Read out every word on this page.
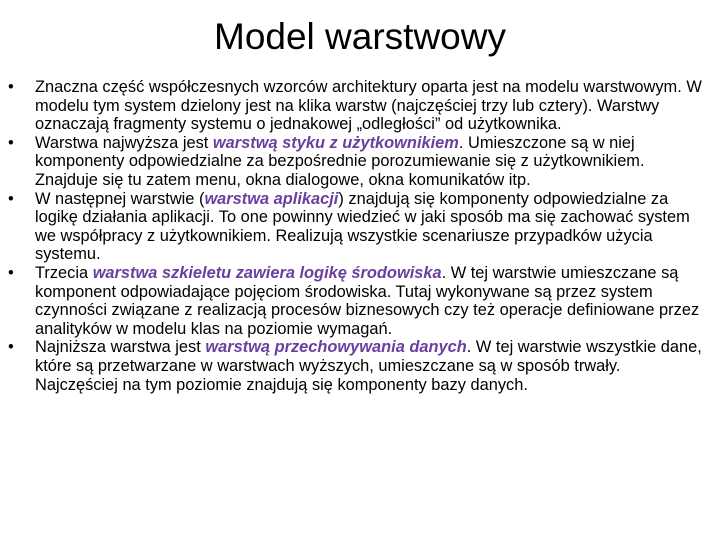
Model warstwowy
• Znaczna część współczesnych wzorców architektury oparta jest na modelu warstwowym. W modelu tym system dzielony jest na klika warstw (najczęściej trzy lub cztery). Warstwy oznaczają fragmenty systemu o jednakowej „odległości” od użytkownika.
• Warstwa najwyższa jest warstwą styku z użytkownikiem. Umieszczone są w niej komponenty odpowiedzialne za bezpośrednie porozumiewanie się z użytkownikiem. Znajduje się tu zatem menu, okna dialogowe, okna komunikatów itp.
• W następnej warstwie (warstwa aplikacji) znajdują się komponenty odpowiedzialne za logikę działania aplikacji. To one powinny wiedzieć w jaki sposób ma się zachować system we współpracy z użytkownikiem. Realizują wszystkie scenariusze przypadków użycia systemu.
• Trzecia warstwa szkieletu zawiera logikę środowiska. W tej warstwie umieszczane są komponent odpowiadające pojęciom środowiska. Tutaj wykonywane są przez system czynności związane z realizacją procesów biznesowych czy też operacje definiowane przez analityków w modelu klas na poziomie wymagań.
• Najniższa warstwa jest warstwą przechowywania danych. W tej warstwie wszystkie dane, które są przetwarzane w warstwach wyższych, umieszczane są w sposób trwały. Najczęściej na tym poziomie znajdują się komponenty bazy danych.
